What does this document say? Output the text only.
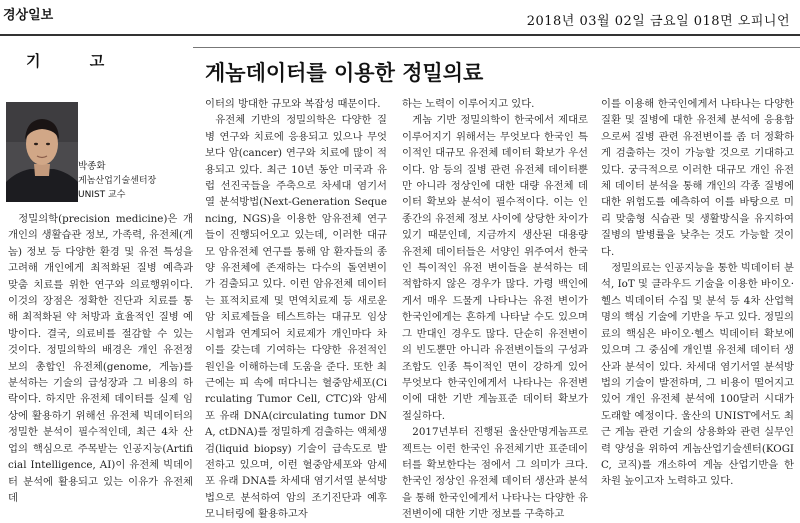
경상일보	2018년 03월 02일 금요일 018면 오피니언
기 고	게놈데이터를 이용한 정밀의료
박종화
게놈산업기술센터장
UNIST 교수

정밀의학(precision medicine)은 개개인의 생활습관 정보, 가족력, 유전체(게놈) 정보 등 다양한 환경 및 유전 특성을 고려해 개인에게 최적화된 질병 예측과 맞춤 치료를 위한 연구와 의료행위이다. 이것의 장점은 정확한 진단과 치료를 통해 최적화된 약 처방과 효율적인 질병 예방이다. 결국, 의료비를 절감할 수 있는 것이다. 정밀의학의 배경은 개인 유전정보의 총합인 유전체(genome, 게놈)를 분석하는 기술의 급성장과 그 비용의 하락이다. 하지만 유전체 데이터를 실제 임상에 활용하기 위해선 유전체 빅데이터의 정밀한 분석이 필수적인데, 최근 4차 산업의 핵심으로 주목받는 인공지능(Artificial Intelligence, AI)이 유전체 빅데이터 분석에 활용되고 있는 이유가 유전체 데

이터의 방대한 규모와 복잡성 때문이다.

유전체 기반의 정밀의학은 다양한 질병 연구와 치료에 응용되고 있으나 무엇보다 암(cancer) 연구와 치료에 많이 적용되고 있다. 최근 10년 동안 미국과 유럽 선진국들을 주축으로 차세대 염기서열 분석방법(Next-Generation Sequencing, NGS)을 이용한 암유전체 연구들이 진행되어오고 있는데, 이러한 대규모 암유전체 연구를 통해 암 환자들의 종양 유전체에 존재하는 다수의 돌연변이가 검출되고 있다. 이런 암유전체 데이터는 표적치료제 및 면역치료제 등 새로운 암 치료제들을 테스트하는 대규모 임상시험과 연계되어 치료제가 개인마다 차이를 갖는데 기여하는 다양한 유전적인 원인을 이해하는데 도움을 준다. 또한 최근에는 피 속에 떠다니는 혈중암세포(Circulating Tumor Cell, CTC)와 암세포 유래 DNA(circulating tumor DNA, ctDNA)를 정밀하게 검출하는 액체생검(liquid biopsy) 기술이 급속도로 발전하고 있으며, 이런 혈중암세포와 암세포 유래 DNA를 차세대 염기서열 분석방법으로 분석하여 암의 조기진단과 예후 모니터링에 활용하고자

하는 노력이 이루어지고 있다.

게놈 기반 정밀의학이 한국에서 제대로 이루어지기 위해서는 무엇보다 한국인 특이적인 대규모 유전체 데이터 확보가 우선이다. 암 등의 질병 관련 유전체 데이터뿐만 아니라 정상인에 대한 대량 유전체 데이터 확보와 분석이 필수적이다. 이는 인종간의 유전체 정보 사이에 상당한 차이가 있기 때문인데, 지금까지 생산된 대용량 유전체 데이터들은 서양인 위주여서 한국인 특이적인 유전 변이들을 분석하는 데 적합하지 않은 경우가 많다. 가령 백인에게서 매우 드물게 나타나는 유전 변이가 한국인에게는 흔하게 나타날 수도 있으며 그 반대인 경우도 많다. 단순히 유전변이의 빈도뿐만 아니라 유전변이들의 구성과 조합도 인종 특이적인 면이 강하게 있어 무엇보다 한국인에게서 나타나는 유전변이에 대한 기반 게놈표준 데이터 확보가 절실하다.

2017년부터 진행된 울산만명게놈프로젝트는 이런 한국인 유전체기반 표준데이터를 확보한다는 점에서 그 의미가 크다. 한국인 정상인 유전체 데이터 생산과 분석을 통해 한국인에게서 나타나는 다양한 유전변이에 대한 기반 정보를 구축하고

이를 이용해 한국인에게서 나타나는 다양한 질환 및 질병에 대한 유전체 분석에 응용함으로써 질병 관련 유전변이를 좀 더 정확하게 검출하는 것이 가능할 것으로 기대하고 있다. 궁극적으로 이러한 대규모 개인 유전체 데이터 분석을 통해 개인의 각종 질병에 대한 위험도를 예측하여 이를 바탕으로 미리 맞춤형 식습관 및 생활방식을 유지하여 질병의 발병률을 낮추는 것도 가능할 것이다.

정밀의료는 인공지능을 통한 빅데이터 분석, IoT 및 클라우드 기술을 이용한 바이오·헬스 빅데이터 수집 및 분석 등 4차 산업혁명의 핵심 기술에 기반을 두고 있다. 정밀의료의 핵심은 바이오·헬스 빅데이터 확보에 있으며 그 중심에 개인별 유전체 데이터 생산과 분석이 있다. 차세대 염기서열 분석방법의 기술이 발전하며, 그 비용이 떨어지고 있어 개인 유전체 분석에 100달러 시대가 도래할 예정이다. 울산의 UNIST에서도 최근 게놈 관련 기술의 상용화와 관련 실무인력 양성을 위하여 게놈산업기술센터(KOGIC, 코직)를 개소하여 게놈 산업기반을 한 차원 높이고자 노력하고 있다.
